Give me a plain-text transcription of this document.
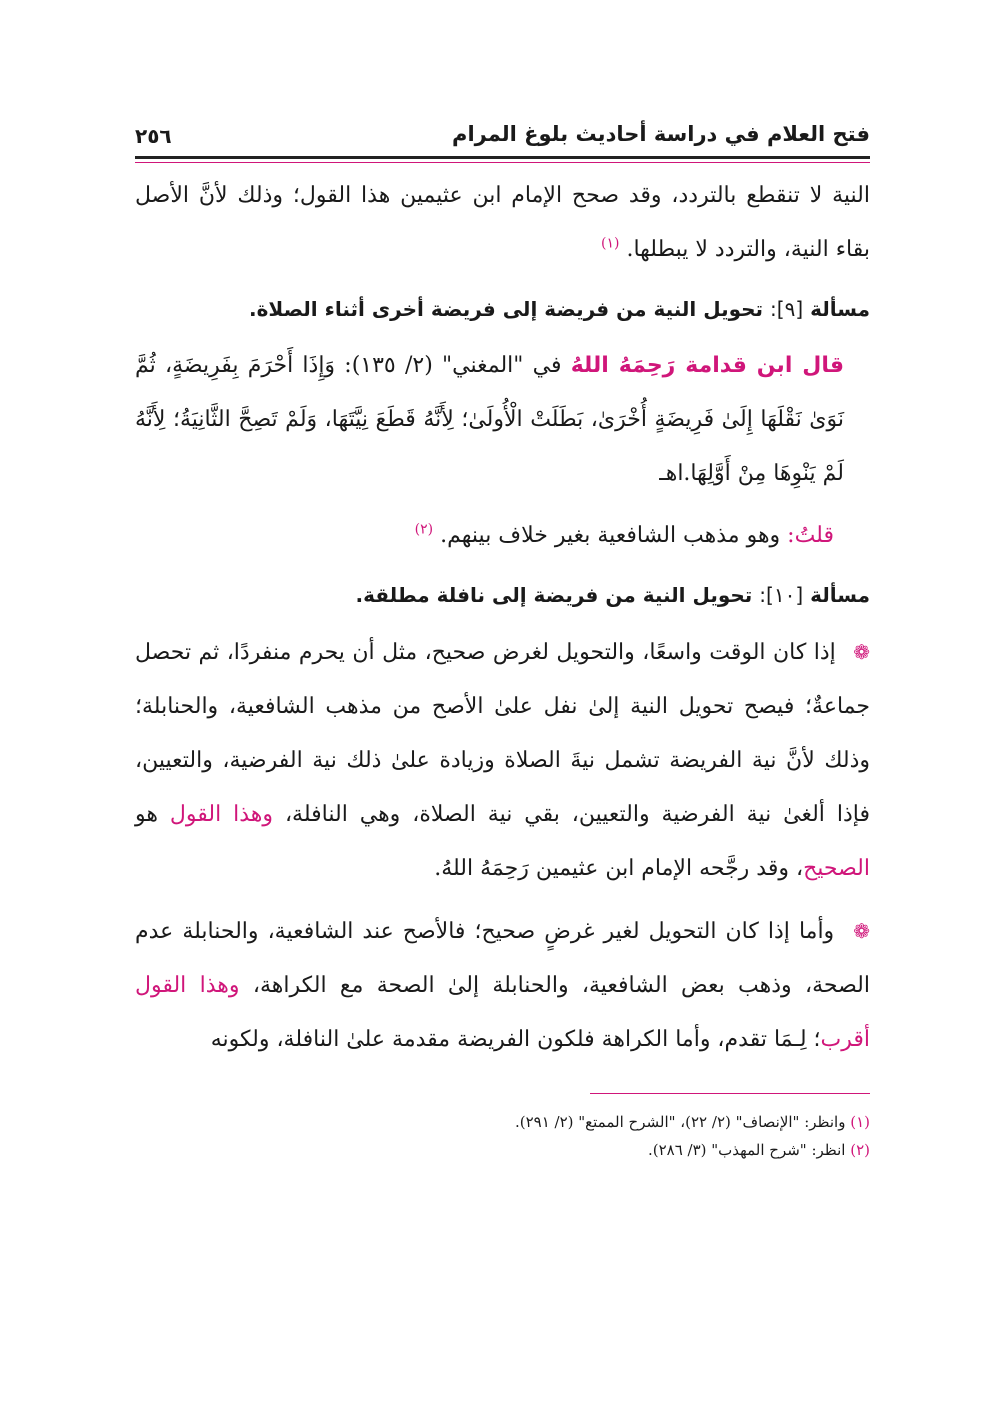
فتح العلام في دراسة أحاديث بلوغ المرام
٢٥٦

النية لا تنقطع بالتردد، وقد صحح الإمام ابن عثيمين هذا القول؛ وذلك لأنَّ الأصل بقاء النية، والتردد لا يبطلها. $^{(١)}$

مسألة [٩]: تحويل النية من فريضة إلى فريضة أخرى أثناء الصلاة.

قال ابن قدامة رَحِمَهُ اللهُ في "المغني" (٢/ ١٣٥): وَإِذَا أَحْرَمَ بِفَرِيضَةٍ، ثُمَّ نَوَىٰ نَقْلَهَا إِلَىٰ فَرِيضَةٍ أُخْرَىٰ، بَطَلَتْ الْأُولَىٰ؛ لِأَنَّهُ قَطَعَ نِيَّتَهَا، وَلَمْ تَصِحَّ الثَّانِيَةُ؛ لِأَنَّهُ لَمْ يَنْوِهَا مِنْ أَوَّلِهَا.اهـ

قلتُ: وهو مذهب الشافعية بغير خلاف بينهم. $^{(٢)}$

مسألة [١٠]: تحويل النية من فريضة إلى نافلة مطلقة.

❁ إذا كان الوقت واسعًا، والتحويل لغرض صحيح، مثل أن يحرم منفردًا، ثم تحصل جماعةٌ؛ فيصح تحويل النية إلىٰ نفل علىٰ الأصح من مذهب الشافعية، والحنابلة؛ وذلك لأنَّ نية الفريضة تشمل نيةَ الصلاة وزيادة علىٰ ذلك نية الفرضية، والتعيين، فإذا ألغىٰ نية الفرضية والتعيين، بقي نية الصلاة، وهي النافلة، وهذا القول هو الصحيح، وقد رجَّحه الإمام ابن عثيمين رَحِمَهُ اللهُ.

❁ وأما إذا كان التحويل لغير غرضٍ صحيح؛ فالأصح عند الشافعية، والحنابلة عدم الصحة، وذهب بعض الشافعية، والحنابلة إلىٰ الصحة مع الكراهة، وهذا القول أقرب؛ لِـمَا تقدم، وأما الكراهة فلكون الفريضة مقدمة علىٰ النافلة، ولكونه

(١) وانظر: "الإنصاف" (٢/ ٢٢)، "الشرح الممتع" (٢/ ٢٩١).
(٢) انظر: "شرح المهذب" (٣/ ٢٨٦).
